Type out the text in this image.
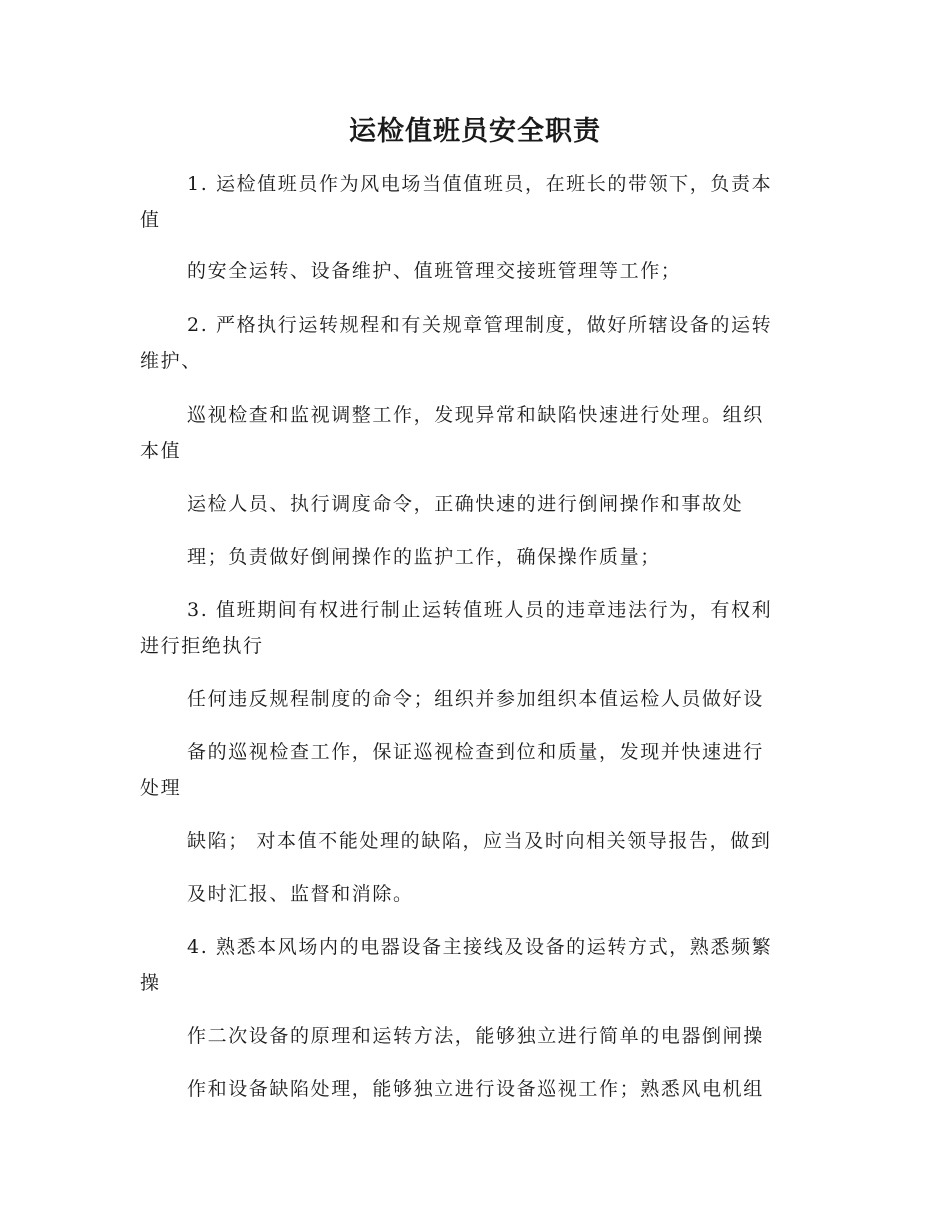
运检值班员安全职责
1. 运检值班员作为风电场当值值班员，在班长的带领下，负责本
值
的安全运转、设备维护、值班管理交接班管理等工作；
2. 严格执行运转规程和有关规章管理制度，做好所辖设备的运转
维护、
巡视检查和监视调整工作，发现异常和缺陷快速进行处理。组织
本值
运检人员、执行调度命令，正确快速的进行倒闸操作和事故处
理；负责做好倒闸操作的监护工作，确保操作质量；
3. 值班期间有权进行制止运转值班人员的违章违法行为，有权利
进行拒绝执行
任何违反规程制度的命令；组织并参加组织本值运检人员做好设
备的巡视检查工作，保证巡视检查到位和质量，发现并快速进行
处理
缺陷； 对本值不能处理的缺陷，应当及时向相关领导报告，做到
及时汇报、监督和消除。
4. 熟悉本风场内的电器设备主接线及设备的运转方式，熟悉频繁
操
作二次设备的原理和运转方法，能够独立进行简单的电器倒闸操
作和设备缺陷处理，能够独立进行设备巡视工作；熟悉风电机组
